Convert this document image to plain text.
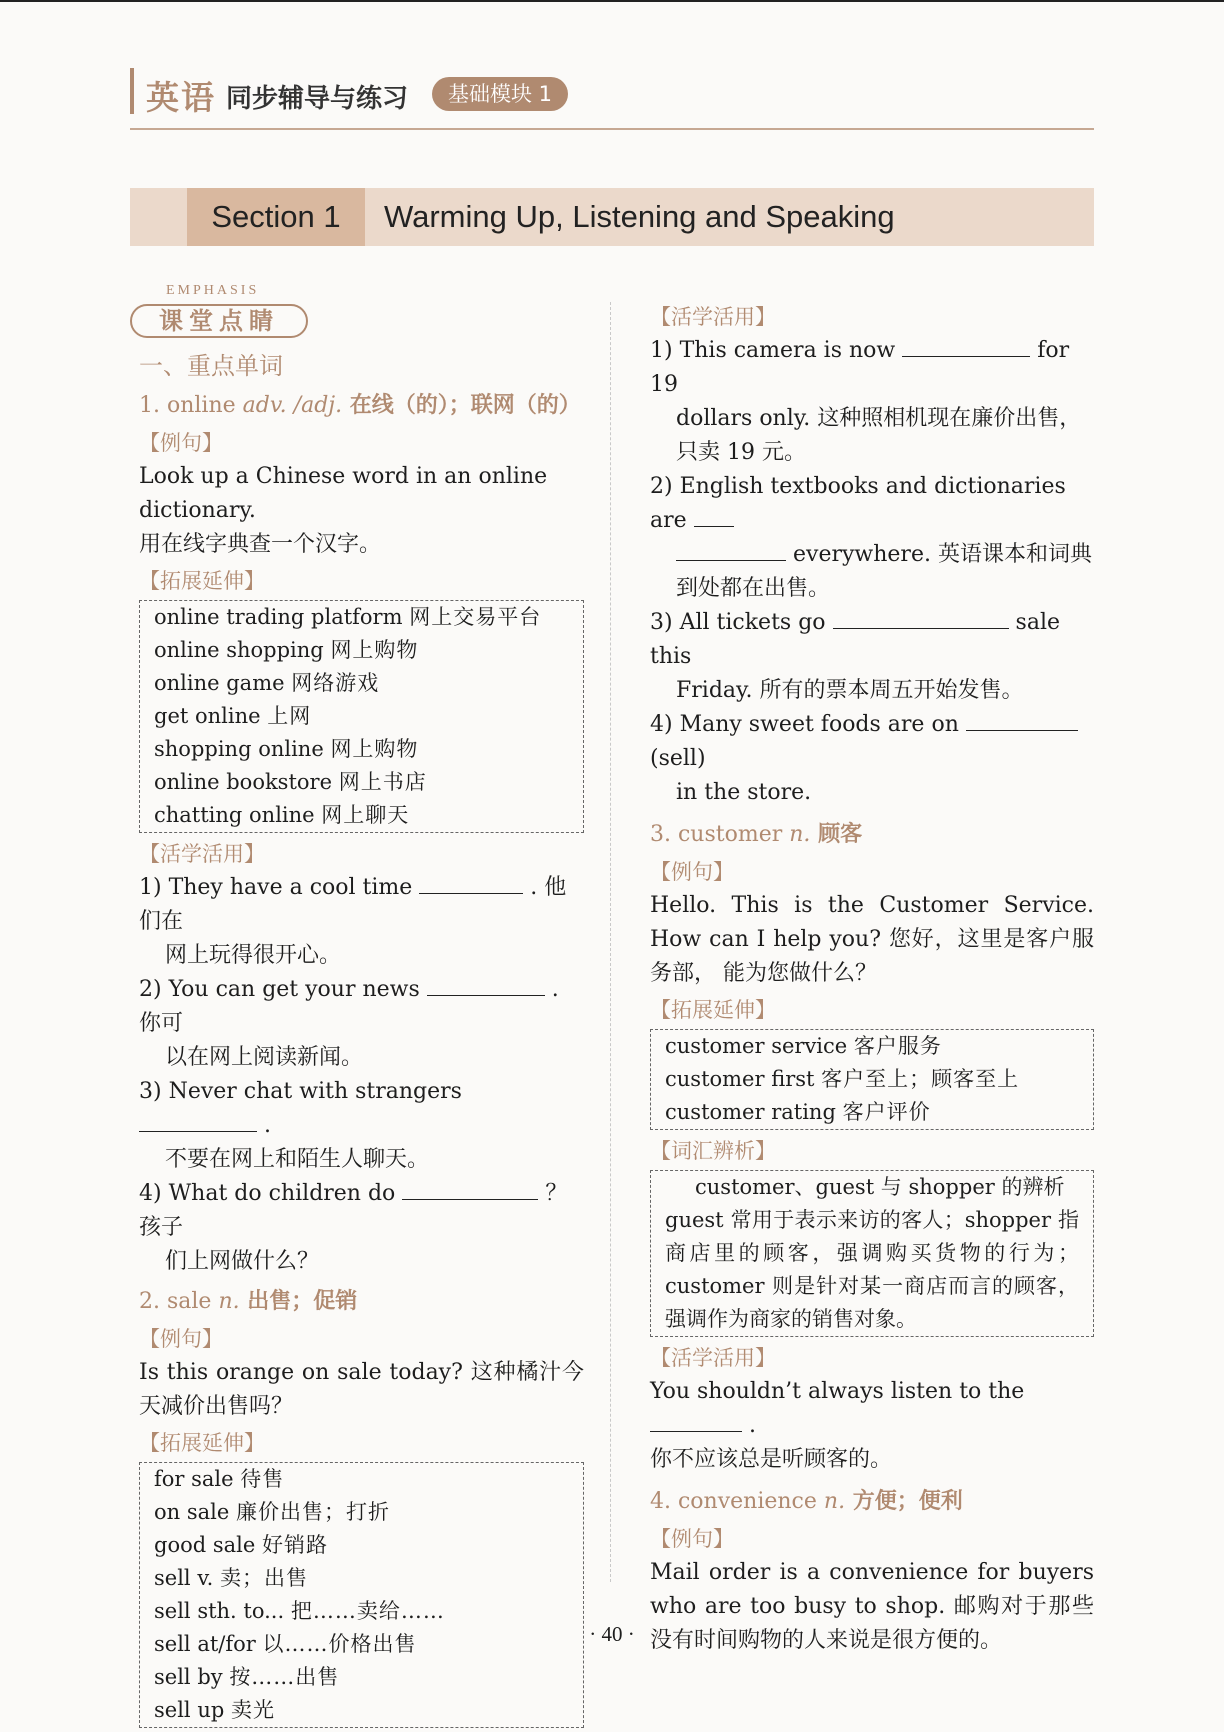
英语 同步辅导与练习	基础模块 1
Section 1	Warming Up, Listening and Speaking
EMPHASIS
课堂点睛
一、重点单词
1. online adv. /adj. 在线（的）；联网（的）
【例句】
Look up a Chinese word in an online dictionary.
用在线字典查一个汉字。
【拓展延伸】
online trading platform 网上交易平台
online shopping 网上购物
online game 网络游戏
get online 上网
shopping online 网上购物
online bookstore 网上书店
chatting online 网上聊天
【活学活用】
1) They have a cool time	. 他们在
网上玩得很开心。
2) You can get your news	. 你可
以在网上阅读新闻。
3) Never chat with strangers  .
不要在网上和陌生人聊天。
4) What do children do	？孩子
们上网做什么？
2. sale n. 出售；促销
【例句】
Is this orange on sale today? 这种橘汁今天减价出售吗？
【拓展延伸】
for sale 待售
on sale 廉价出售；打折
good sale 好销路
sell v. 卖；出售
sell sth. to... 把……卖给……
sell at/for 以……价格出售
sell by 按……出售
sell up 卖光
【活学活用】
1) This camera is now	for 19
dollars only. 这种照相机现在廉价出售，
只卖 19 元。
2) English textbooks and dictionaries are
everywhere. 英语课本和词典
到处都在出售。
3) All tickets go	sale this
Friday. 所有的票本周五开始发售。
4) Many sweet foods are on  (sell)
in the store.
3. customer n. 顾客
【例句】
Hello. This is the Customer Service. How can I help you? 您好，这里是客户服务部， 能为您做什么？
【拓展延伸】
customer service 客户服务
customer first 客户至上；顾客至上
customer rating 客户评价
【词汇辨析】
customer、guest 与 shopper 的辨析
guest 常用于表示来访的客人；shopper 指商店里的顾客，强调购买货物的行为；customer 则是针对某一商店而言的顾客，强调作为商家的销售对象。
【活学活用】
You shouldn’t always listen to the  .
你不应该总是听顾客的。
4. convenience n. 方便；便利
【例句】
Mail order is a convenience for buyers who are too busy to shop. 邮购对于那些没有时间购物的人来说是很方便的。
· 40 ·
